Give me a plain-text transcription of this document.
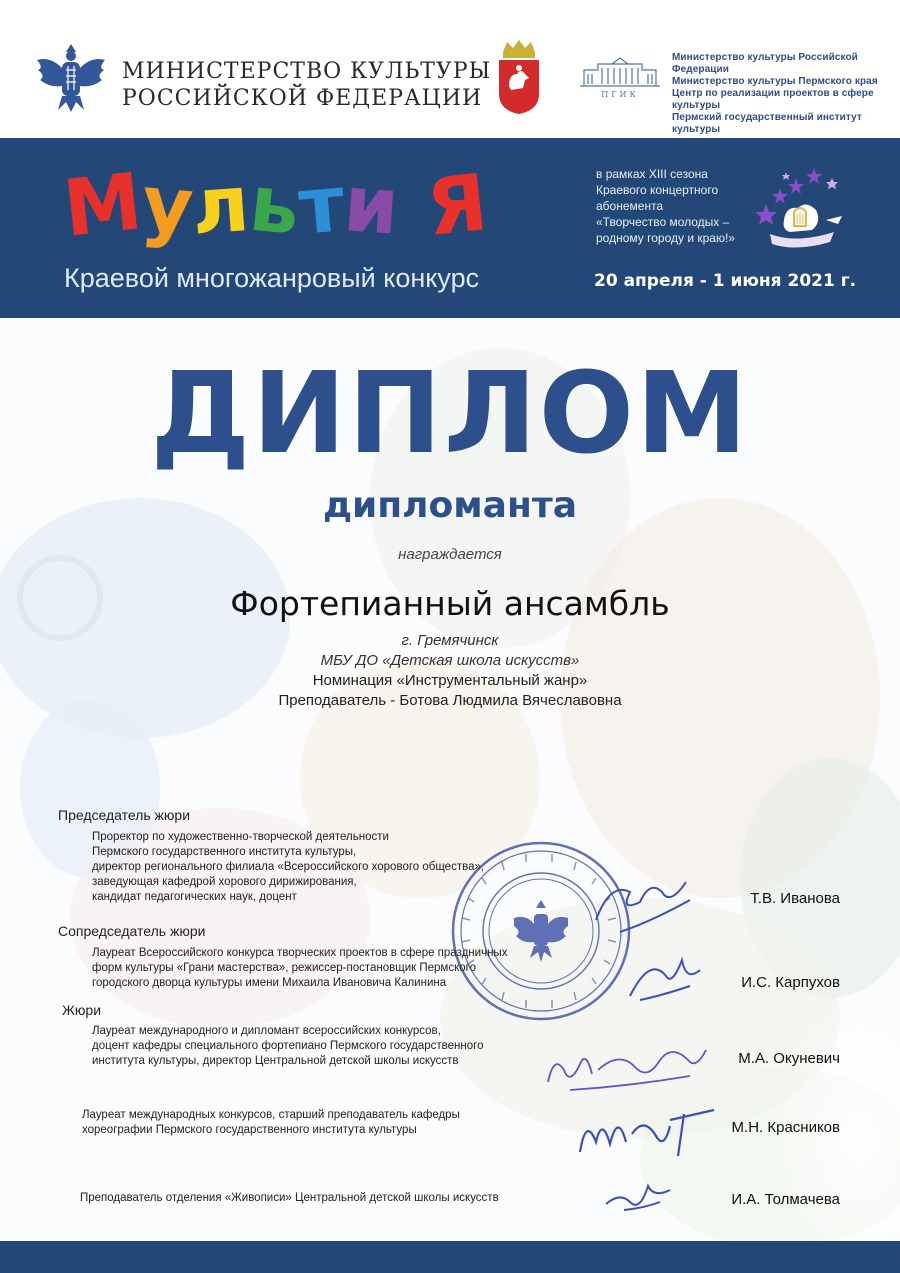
МИНИСТЕРСТВО КУЛЬТУРЫ
РОССИЙСКОЙ ФЕДЕРАЦИИ	ПГИК
Министерство культуры Российской Федерации
Министерство культуры Пермского края
Центр по реализации проектов в сфере культуры
Пермский государственный институт культуры
Мульти Я
Краевой многожанровый конкурс
в рамках XIII сезона
Краевого концертного
абонемента
«Творчество молодых –
родному городу и краю!»
20 апреля - 1 июня 2021 г.
ДИПЛОМ
дипломанта
награждается
Фортепианный ансамбль
г. Гремячинск
МБУ ДО «Детская школа искусств»
Номинация «Инструментальный жанр»
Преподаватель - Ботова Людмила Вячеславовна
Председатель жюри
Проректор по художественно-творческой деятельности
Пермского государственного института культуры,
директор регионального филиала «Всероссийского хорового общества»,
заведующая кафедрой хорового дирижирования,
кандидат педагогических наук, доцент	Т.В. Иванова
Сопредседатель жюри
Лауреат Всероссийского конкурса творческих проектов в сфере праздничных
форм культуры «Грани мастерства», режиссер-постановщик Пермского
городского дворца культуры имени Михаила Ивановича Калинина	И.С. Карпухов
Жюри
Лауреат международного и дипломант всероссийских конкурсов,
доцент кафедры специального фортепиано Пермского государственного
института культуры, директор Центральной детской школы искусств	М.А. Окуневич
Лауреат международных конкурсов, старший преподаватель кафедры
хореографии Пермского государственного института культуры	М.Н. Красников
Преподаватель отделения «Живописи» Центральной детской школы искусств	И.А. Толмачева
